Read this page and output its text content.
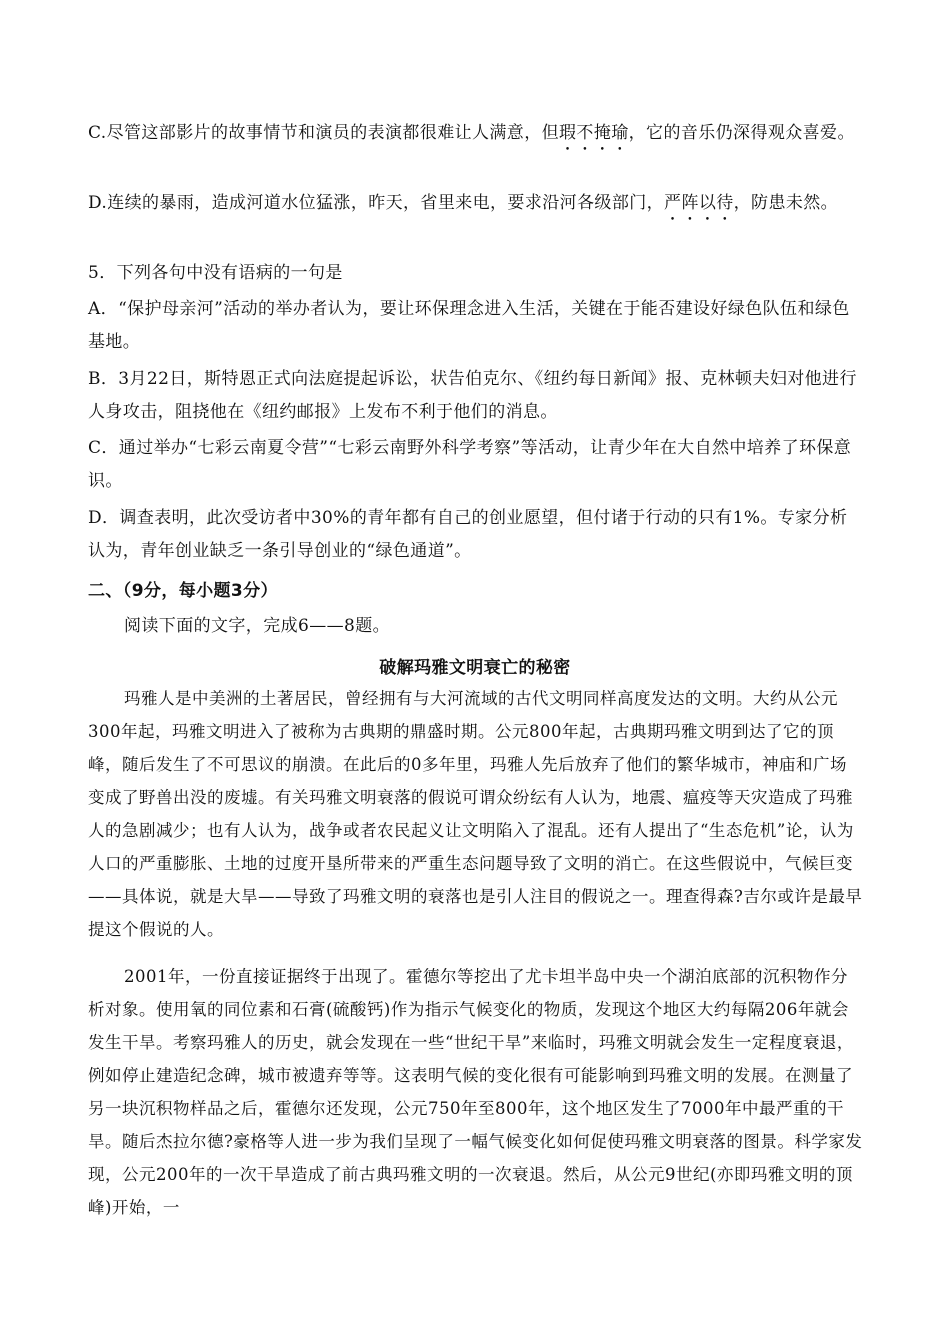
C.尽管这部影片的故事情节和演员的表演都很难让人满意，但瑕不掩瑜，它的音乐仍深得观众喜爱。

D.连续的暴雨，造成河道水位猛涨，昨天，省里来电，要求沿河各级部门，严阵以待，防患未然。

5．下列各句中没有语病的一句是

A．“保护母亲河”活动的举办者认为，要让环保理念进入生活，关键在于能否建设好绿色队伍和绿色基地。

B．3月22日，斯特恩正式向法庭提起诉讼，状告伯克尔、《纽约每日新闻》报、克林顿夫妇对他进行人身攻击，阻挠他在《纽约邮报》上发布不利于他们的消息。

C．通过举办“七彩云南夏令营”“七彩云南野外科学考察”等活动，让青少年在大自然中培养了环保意识。

D．调查表明，此次受访者中30%的青年都有自己的创业愿望，但付诸于行动的只有1%。专家分析认为，青年创业缺乏一条引导创业的“绿色通道”。

二、（9分，每小题3分）

阅读下面的文字，完成6——8题。

破解玛雅文明衰亡的秘密

玛雅人是中美洲的土著居民，曾经拥有与大河流域的古代文明同样高度发达的文明。大约从公元300年起，玛雅文明进入了被称为古典期的鼎盛时期。公元800年起，古典期玛雅文明到达了它的顶峰，随后发生了不可思议的崩溃。在此后的0多年里，玛雅人先后放弃了他们的繁华城市，神庙和广场变成了野兽出没的废墟。有关玛雅文明衰落的假说可谓众纷纭有人认为，地震、瘟疫等天灾造成了玛雅人的急剧减少；也有人认为，战争或者农民起义让文明陷入了混乱。还有人提出了“生态危机”论，认为人口的严重膨胀、土地的过度开垦所带来的严重生态问题导致了文明的消亡。在这些假说中，气候巨变——具体说，就是大旱——导致了玛雅文明的衰落也是引人注目的假说之一。理查得森?吉尔或许是最早提这个假说的人。

2001年，一份直接证据终于出现了。霍德尔等挖出了尤卡坦半岛中央一个湖泊底部的沉积物作分析对象。使用氧的同位素和石膏(硫酸钙)作为指示气候变化的物质，发现这个地区大约每隔206年就会发生干旱。考察玛雅人的历史，就会发现在一些“世纪干旱”来临时，玛雅文明就会发生一定程度衰退，例如停止建造纪念碑，城市被遗弃等等。这表明气候的变化很有可能影响到玛雅文明的发展。在测量了另一块沉积物样品之后，霍德尔还发现，公元750年至800年，这个地区发生了7000年中最严重的干旱。随后杰拉尔德?豪格等人进一步为我们呈现了一幅气候变化如何促使玛雅文明衰落的图景。科学家发现，公元200年的一次干旱造成了前古典玛雅文明的一次衰退。然后，从公元9世纪(亦即玛雅文明的顶峰)开始，一
